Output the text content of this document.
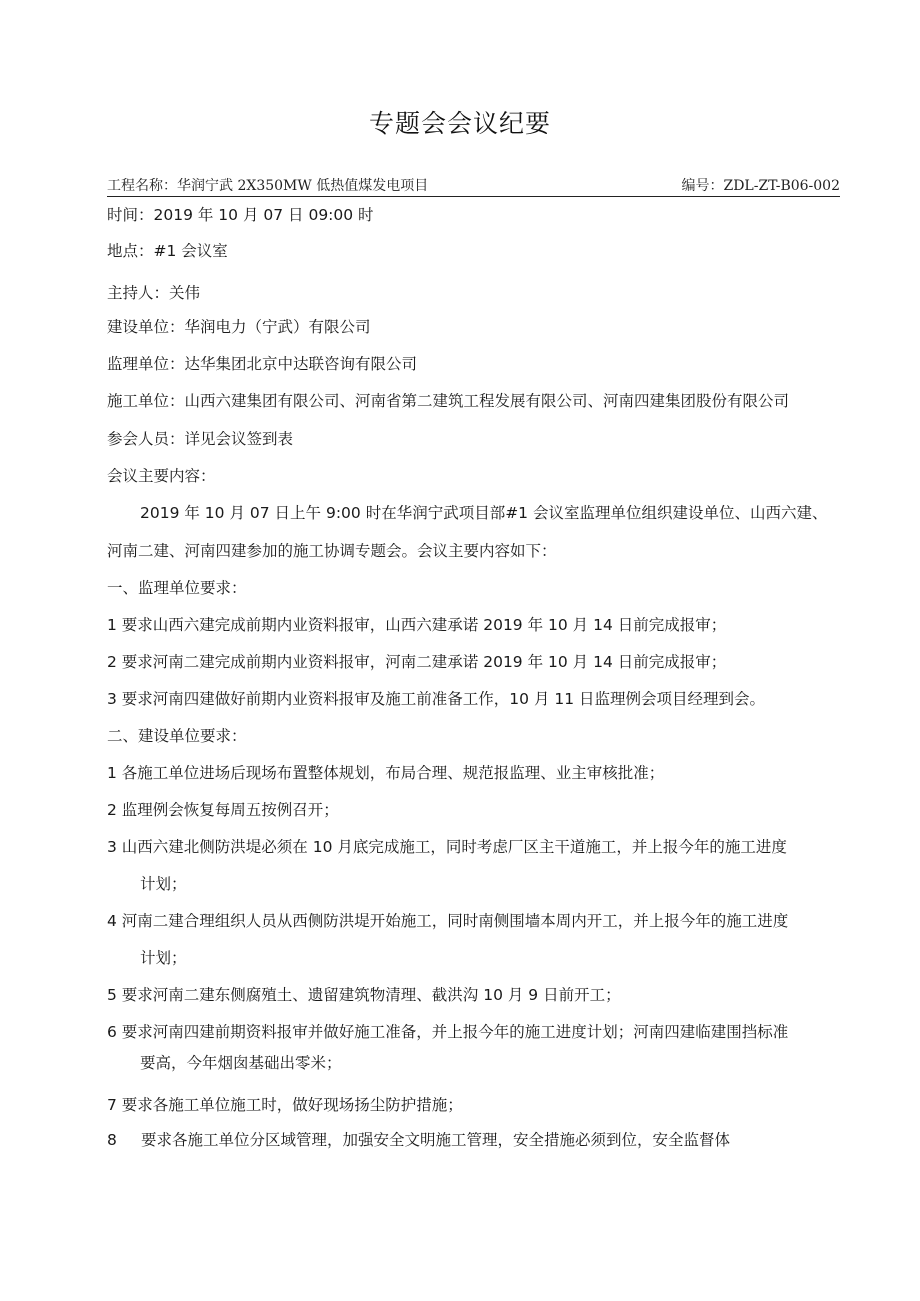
专题会会议纪要
工程名称：华润宁武 2X350MW 低热值煤发电项目	编号：ZDL-ZT-B06-002
时间：2019 年 10 月 07 日 09:00 时
地点：#1 会议室
主持人：关伟
建设单位：华润电力（宁武）有限公司
监理单位：达华集团北京中达联咨询有限公司
施工单位：山西六建集团有限公司、河南省第二建筑工程发展有限公司、河南四建集团股份有限公司
参会人员：详见会议签到表
会议主要内容：
2019 年 10 月 07 日上午 9:00 时在华润宁武项目部#1 会议室监理单位组织建设单位、山西六建、
河南二建、河南四建参加的施工协调专题会。会议主要内容如下：
一、监理单位要求：
1 要求山西六建完成前期内业资料报审，山西六建承诺 2019 年 10 月 14 日前完成报审；
2 要求河南二建完成前期内业资料报审，河南二建承诺 2019 年 10 月 14 日前完成报审；
3 要求河南四建做好前期内业资料报审及施工前准备工作，10 月 11 日监理例会项目经理到会。
二、建设单位要求：
1 各施工单位进场后现场布置整体规划，布局合理、规范报监理、业主审核批准；
2 监理例会恢复每周五按例召开；
3 山西六建北侧防洪堤必须在 10 月底完成施工，同时考虑厂区主干道施工，并上报今年的施工进度
计划；
4 河南二建合理组织人员从西侧防洪堤开始施工，同时南侧围墙本周内开工，并上报今年的施工进度
计划；
5 要求河南二建东侧腐殖土、遗留建筑物清理、截洪沟 10 月 9 日前开工；
6 要求河南四建前期资料报审并做好施工准备，并上报今年的施工进度计划；河南四建临建围挡标准
要高，今年烟囱基础出零米；
7 要求各施工单位施工时，做好现场扬尘防护措施；
8 要求各施工单位分区域管理，加强安全文明施工管理，安全措施必须到位，安全监督体
